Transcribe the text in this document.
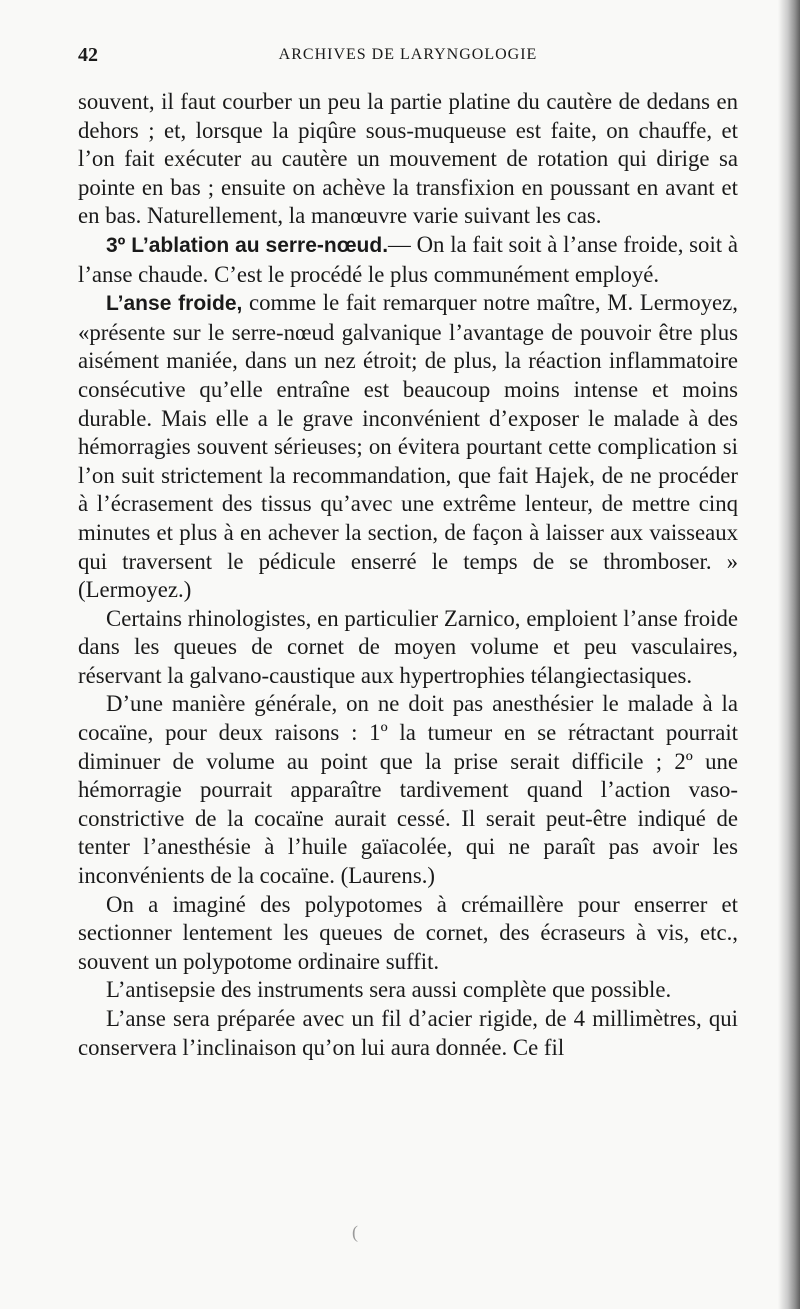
42	ARCHIVES DE LARYNGOLOGIE

souvent, il faut courber un peu la partie platine du cautère de dedans en dehors ; et, lorsque la piqûre sous-muqueuse est faite, on chauffe, et l’on fait exécuter au cautère un mouvement de rotation qui dirige sa pointe en bas ; ensuite on achève la transfixion en poussant en avant et en bas. Naturellement, la manœuvre varie suivant les cas.

3º L’ablation au serre-nœud.— On la fait soit à l’anse froide, soit à l’anse chaude. C’est le procédé le plus communément employé.

L’anse froide, comme le fait remarquer notre maître, M. Lermoyez, «présente sur le serre-nœud galvanique l’avantage de pouvoir être plus aisément maniée, dans un nez étroit; de plus, la réaction inflammatoire consécutive qu’elle entraîne est beaucoup moins intense et moins durable. Mais elle a le grave inconvénient d’exposer le malade à des hémorragies souvent sérieuses; on évitera pourtant cette complication si l’on suit strictement la recommandation, que fait Hajek, de ne procéder à l’écrasement des tissus qu’avec une extrême lenteur, de mettre cinq minutes et plus à en achever la section, de façon à laisser aux vaisseaux qui traversent le pédicule enserré le temps de se thromboser. » (Lermoyez.)

Certains rhinologistes, en particulier Zarnico, emploient l’anse froide dans les queues de cornet de moyen volume et peu vasculaires, réservant la galvano-caustique aux hypertrophies télangiectasiques.

D’une manière générale, on ne doit pas anesthésier le malade à la cocaïne, pour deux raisons : 1º la tumeur en se rétractant pourrait diminuer de volume au point que la prise serait difficile ; 2º une hémorragie pourrait apparaître tardivement quand l’action vaso-constrictive de la cocaïne aurait cessé. Il serait peut-être indiqué de tenter l’anesthésie à l’huile gaïacolée, qui ne paraît pas avoir les inconvénients de la cocaïne. (Laurens.)

On a imaginé des polypotomes à crémaillère pour enserrer et sectionner lentement les queues de cornet, des écraseurs à vis, etc., souvent un polypotome ordinaire suffit.

L’antisepsie des instruments sera aussi complète que possible.

L’anse sera préparée avec un fil d’acier rigide, de 4 millimètres, qui conservera l’inclinaison qu’on lui aura donnée. Ce fil

(
